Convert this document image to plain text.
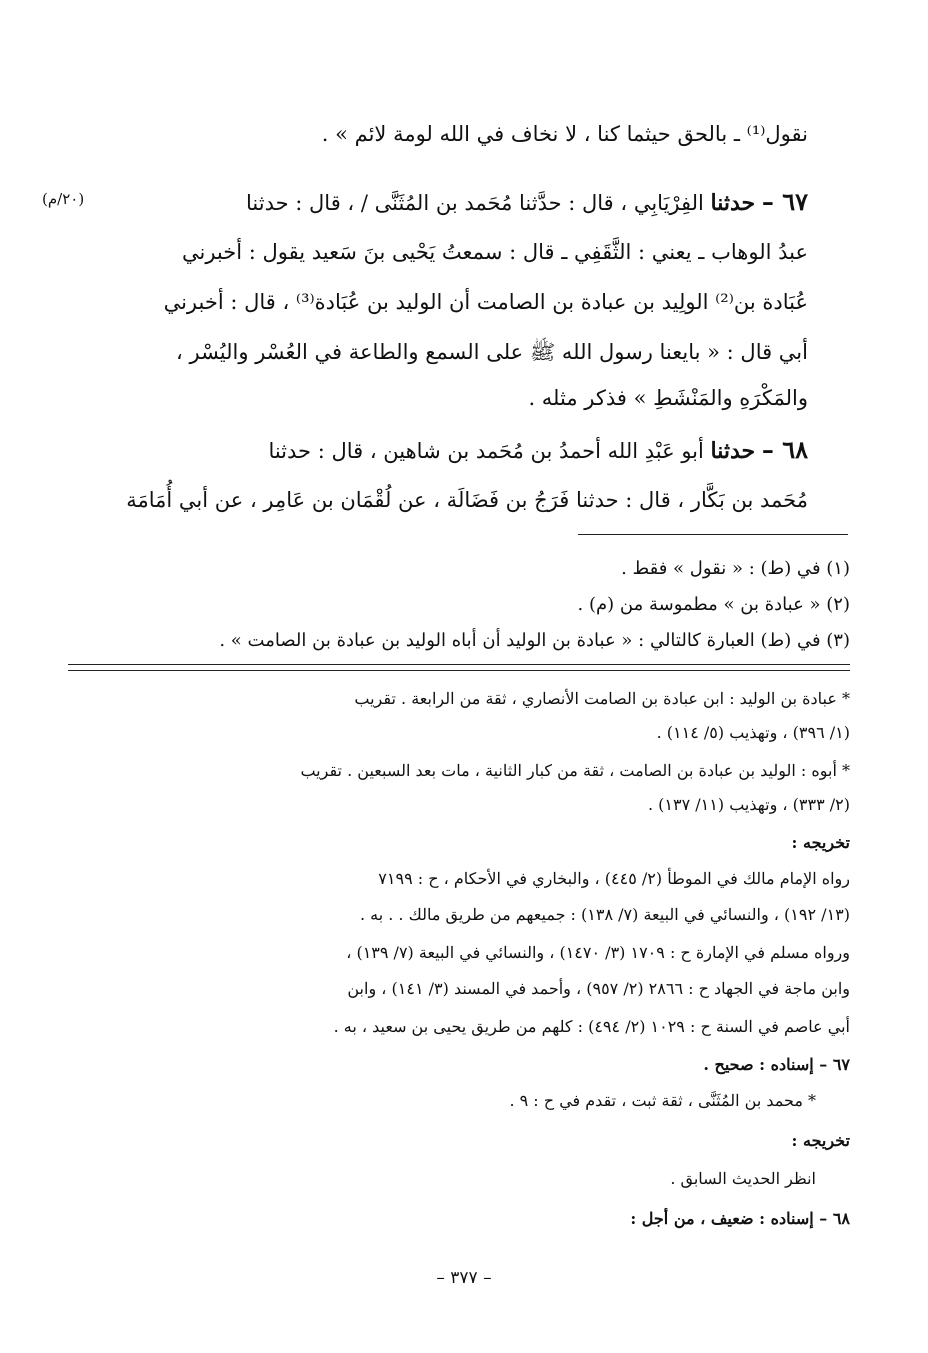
(٢٠/م)
نقول⁽¹⁾ ـ بالحق حيثما كنا ، لا نخاف في الله لومة لائم » .
٦٧ – حدثنا الفِرْيَابِي ، قال : حدَّثنا مُحَمد بن المُثَنَّى / ، قال : حدثنا
عبدُ الوهاب ـ يعني : الثَّقَفِي ـ قال : سمعتُ يَحْيى بنَ سَعيد يقول : أخبرني
عُبَادة بن⁽²⁾ الولِيد بن عبادة بن الصامت أن الوليد بن عُبَادة⁽³⁾ ، قال : أخبرني
أبي قال : « بايعنا رسول الله ﷺ على السمع والطاعة في العُسْر واليُسْر ،
والمَكْرَهِ والمَنْشَطِ » فذكر مثله .
٦٨ – حدثنا أبو عَبْدِ الله أحمدُ بن مُحَمد بن شاهين ، قال : حدثنا
مُحَمد بن بَكَّار ، قال : حدثنا فَرَجُ بن فَضَالَة ، عن لُقْمَان بن عَامِر ، عن أبي أُمَامَة
(١) في (ط) : « نقول » فقط .
(٢) « عبادة بن » مطموسة من (م) .
(٣) في (ط) العبارة كالتالي : « عبادة بن الوليد أن أباه الوليد بن عبادة بن الصامت » .
* عبادة بن الوليد : ابن عبادة بن الصامت الأنصاري ، ثقة من الرابعة . تقريب
(١/ ٣٩٦) ، وتهذيب (٥/ ١١٤) .
* أبوه : الوليد بن عبادة بن الصامت ، ثقة من كبار الثانية ، مات بعد السبعين . تقريب
(٢/ ٣٣٣) ، وتهذيب (١١/ ١٣٧) .
تخريجه :
رواه الإمام مالك في الموطأ (٢/ ٤٤٥) ، والبخاري في الأحكام ، ح : ٧١٩٩
(١٣/ ١٩٢) ، والنسائي في البيعة (٧/ ١٣٨) : جميعهم من طريق مالك . . به .
ورواه مسلم في الإمارة ح : ١٧٠٩ (٣/ ١٤٧٠) ، والنسائي في البيعة (٧/ ١٣٩) ،
وابن ماجة في الجهاد ح : ٢٨٦٦ (٢/ ٩٥٧) ، وأحمد في المسند (٣/ ١٤١) ، وابن
أبي عاصم في السنة ح : ١٠٢٩ (٢/ ٤٩٤) : كلهم من طريق يحيى بن سعيد ، به .
٦٧ – إسناده : صحيح .
* محمد بن المُثَنَّى ، ثقة ثبت ، تقدم في ح : ٩ .
تخريجه :
انظر الحديث السابق .
٦٨ – إسناده : ضعيف ، من أجل :
– ٣٧٧ –
